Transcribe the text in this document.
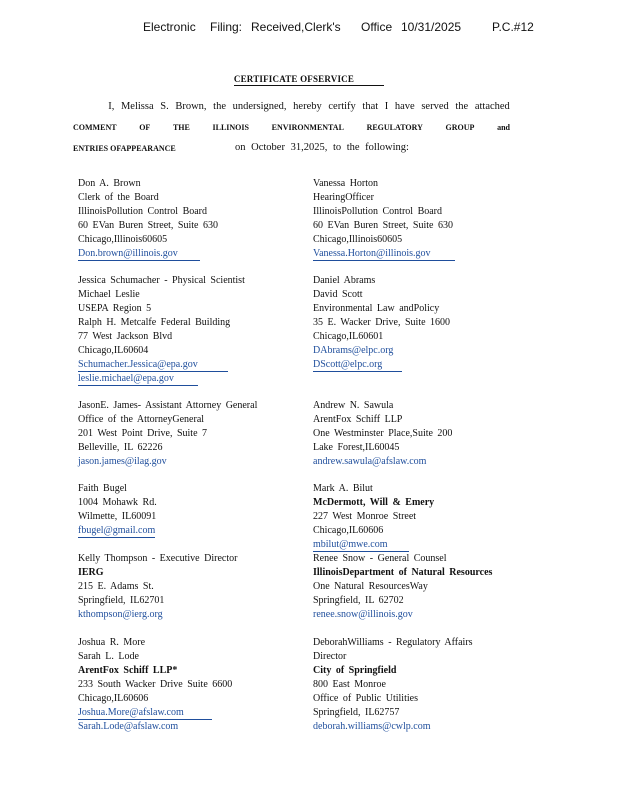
Electronic Filing: Received,Clerk's Office 10/31/2025	P.C.#12
CERTIFICATE OFSERVICE
I, Melissa S. Brown, the undersigned, hereby certify that I have served the attached
COMMENT	OF	THE	ILLINOIS	ENVIRONMENTAL	REGULATORY	GROUP	and
ENTRIES OFAPPEARANCE	on October 31,2025, to the following:
Don A. Brown
Clerk of the Board
IllinoisPollution Control Board
60 EVan Buren Street, Suite 630
Chicago,Illinois60605
Don.brown@illinois.gov
Jessica Schumacher - Physical Scientist
Michael Leslie
USEPA Region 5
Ralph H. Metcalfe Federal Building
77 West Jackson Blvd
Chicago,IL60604
Schumacher.Jessica@epa.gov
leslie.michael@epa.gov
JasonE. James- Assistant Attorney General
Office of the AttorneyGeneral
201 West Point Drive, Suite 7
Belleville, IL 62226
jason.james@ilag.gov
Faith Bugel
1004 Mohawk Rd.
Wilmette, IL60091
fbugel@gmail.com
Kelly Thompson - Executive Director
IERG
215 E. Adams St.
Springfield, IL62701
kthompson@ierg.org
Joshua R. More
Sarah L. Lode
ArentFox Schiff LLP*
233 South Wacker Drive Suite 6600
Chicago,IL60606
Joshua.More@afslaw.com
Sarah.Lode@afslaw.com
Vanessa Horton
HearingOfficer
IllinoisPollution Control Board
60 EVan Buren Street, Suite 630
Chicago,Illinois60605
Vanessa.Horton@illinois.gov
Daniel Abrams
David Scott
Environmental Law andPolicy
35 E. Wacker Drive, Suite 1600
Chicago,IL60601
DAbrams@elpc.org
DScott@elpc.org
Andrew N. Sawula
ArentFox Schiff LLP
One Westminster Place,Suite 200
Lake Forest,IL60045
andrew.sawula@afslaw.com
Mark A. Bilut
McDermott, Will & Emery
227 West Monroe Street
Chicago,IL60606
mbilut@mwe.com
Renee Snow - General Counsel
IllinoisDepartment of Natural Resources
One Natural ResourcesWay
Springfield, IL 62702
renee.snow@illinois.gov
DeborahWilliams - Regulatory Affairs
Director
City of Springfield
800 East Monroe
Office of Public Utilities
Springfield, IL62757
deborah.williams@cwlp.com
